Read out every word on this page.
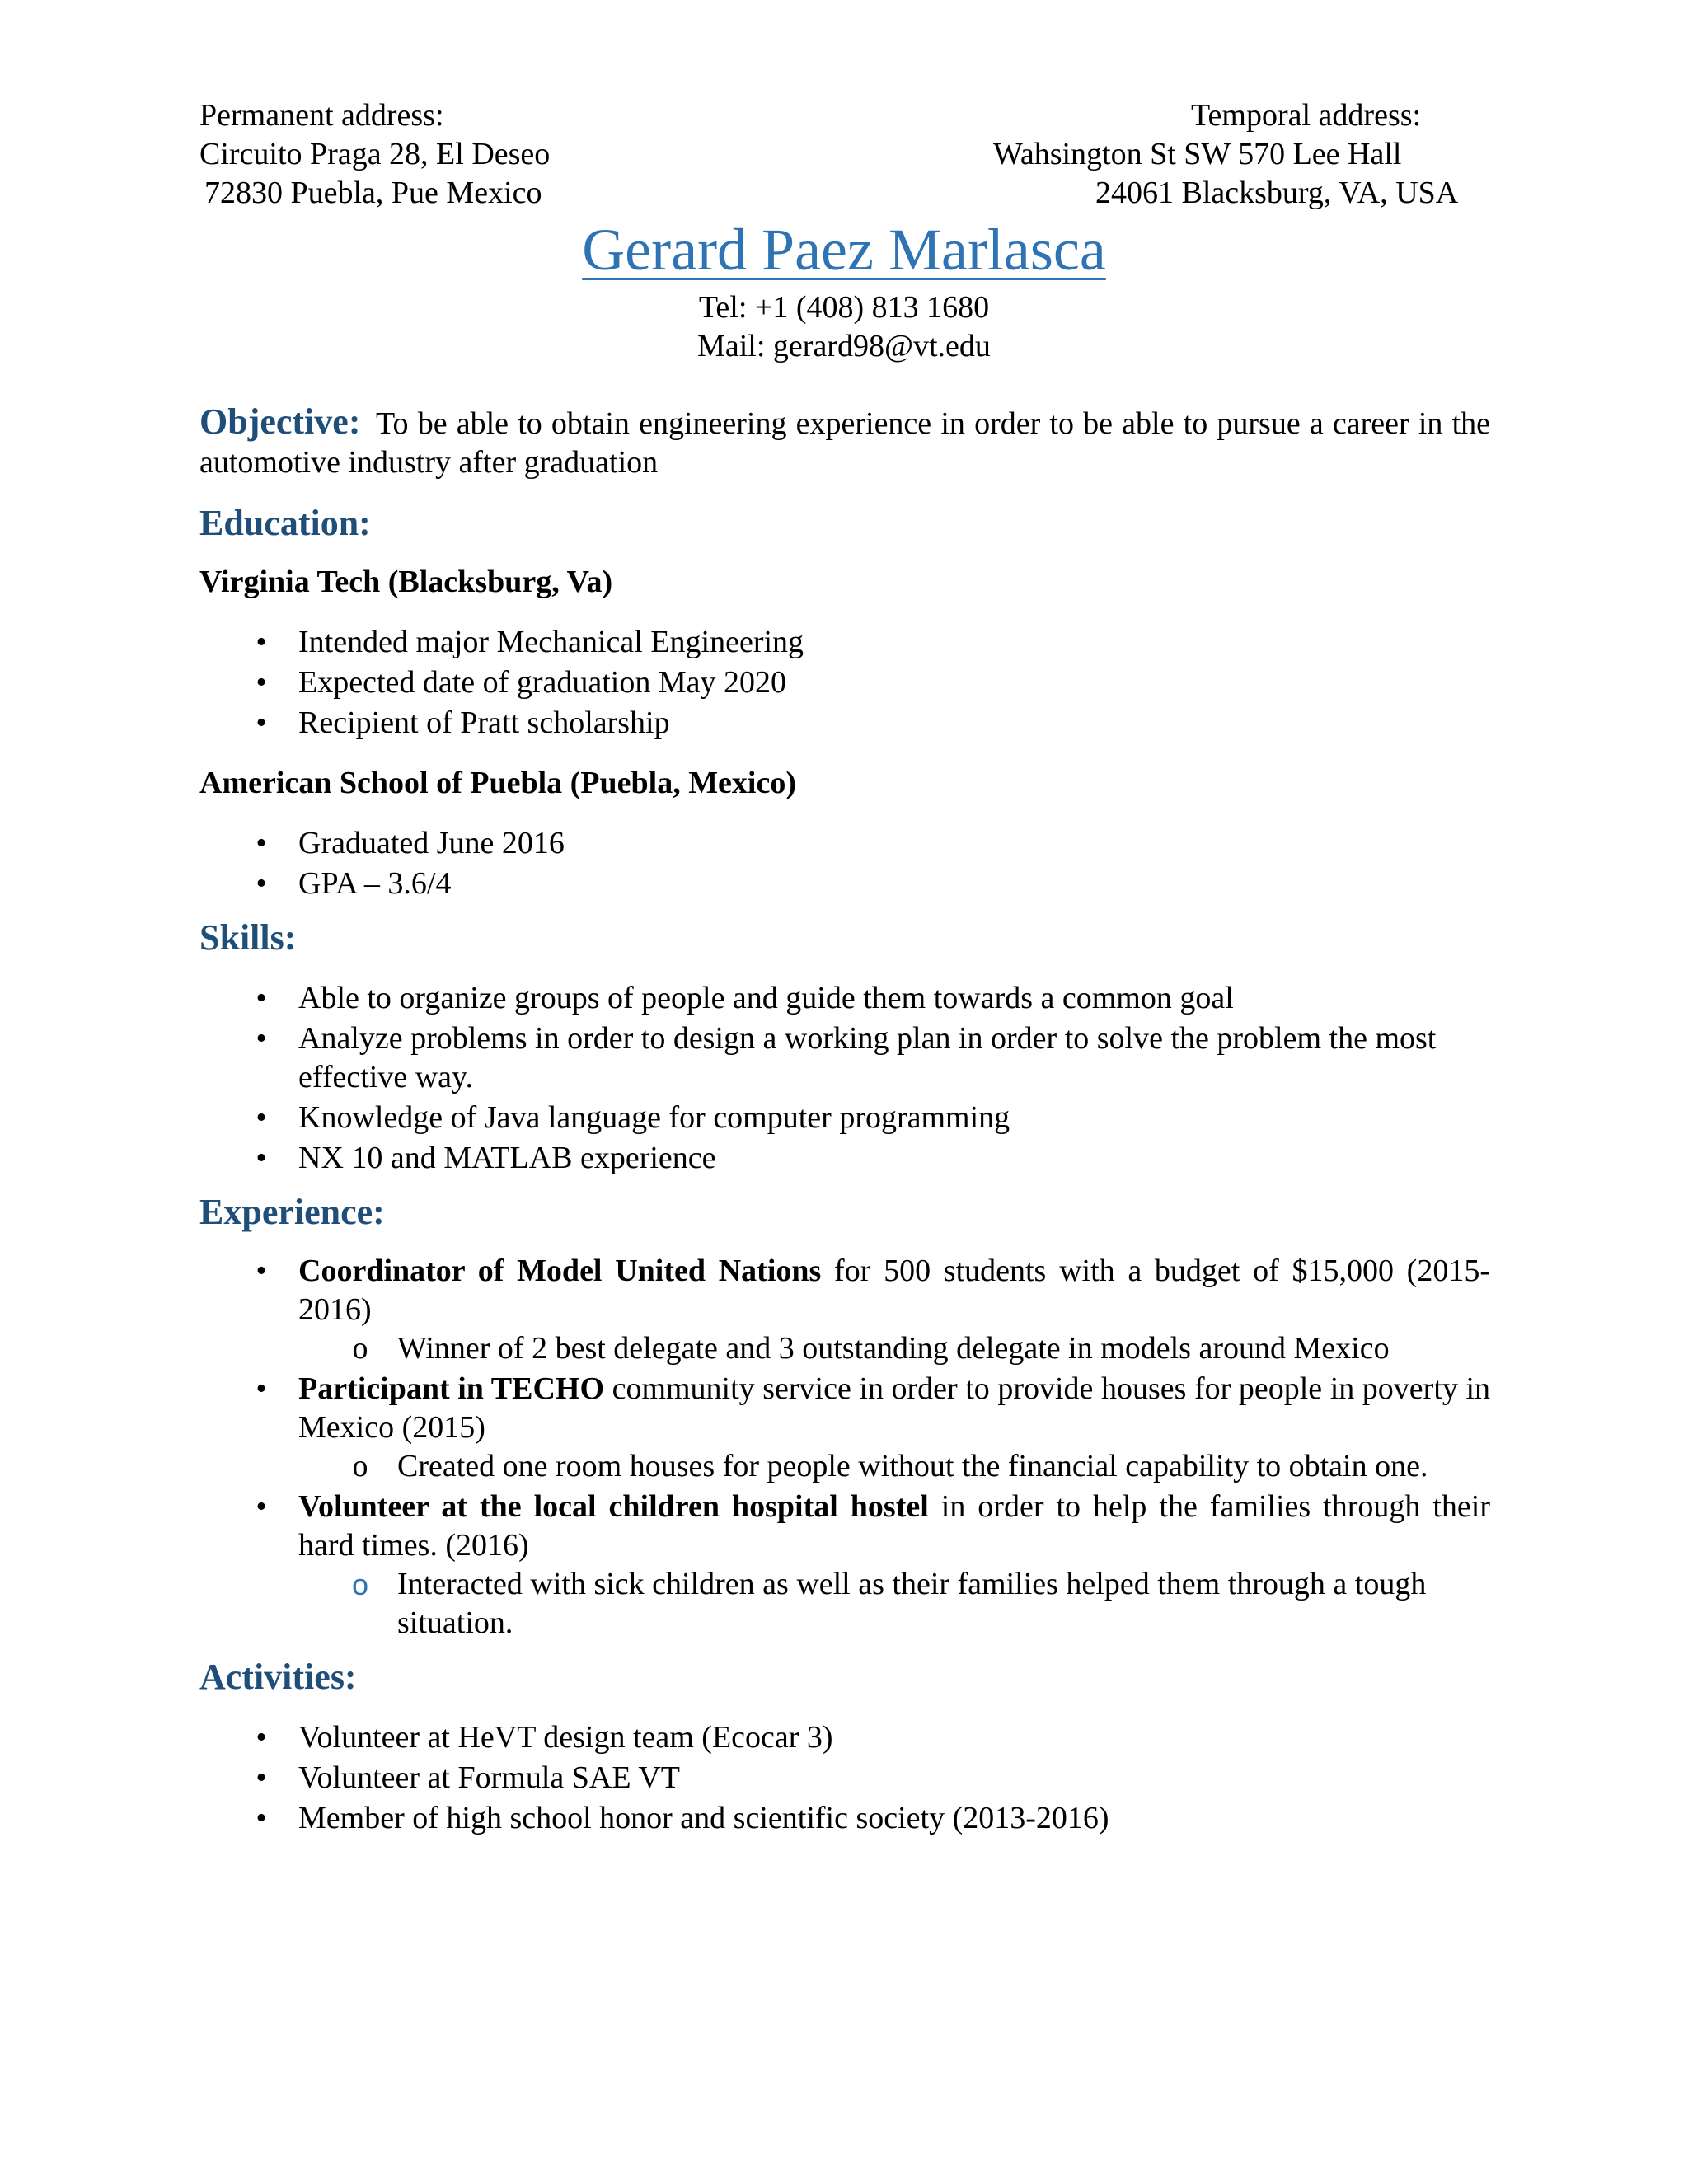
Permanent address:
Circuito Praga 28, El Deseo
72830 Puebla, Pue Mexico
Temporal address:
Wahsington St SW 570 Lee Hall
24061 Blacksburg, VA, USA
Gerard Paez Marlasca
Tel: +1 (408) 813 1680
Mail: gerard98@vt.edu
Objective: To be able to obtain engineering experience in order to be able to pursue a career in the automotive industry after graduation
Education:
Virginia Tech (Blacksburg, Va)
• Intended major Mechanical Engineering
• Expected date of graduation May 2020
• Recipient of Pratt scholarship
American School of Puebla (Puebla, Mexico)
• Graduated June 2016
• GPA – 3.6/4
Skills:
• Able to organize groups of people and guide them towards a common goal
• Analyze problems in order to design a working plan in order to solve the problem the most effective way.
• Knowledge of Java language for computer programming
• NX 10 and MATLAB experience
Experience:
• Coordinator of Model United Nations for 500 students with a budget of $15,000 (2015-2016)
o Winner of 2 best delegate and 3 outstanding delegate in models around Mexico
• Participant in TECHO community service in order to provide houses for people in poverty in Mexico (2015)
o Created one room houses for people without the financial capability to obtain one.
• Volunteer at the local children hospital hostel in order to help the families through their hard times. (2016)
o Interacted with sick children as well as their families helped them through a tough situation.
Activities:
• Volunteer at HeVT design team (Ecocar 3)
• Volunteer at Formula SAE VT
• Member of high school honor and scientific society (2013-2016)
